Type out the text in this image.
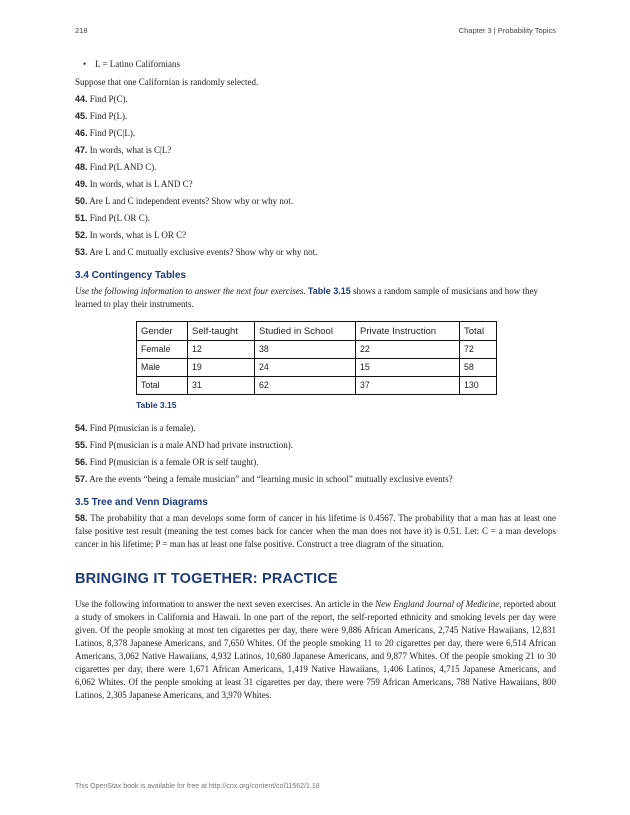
218	Chapter 3 | Probability Topics
• L = Latino Californians

Suppose that one Californian is randomly selected.

44. Find P(C).

45. Find P(L).

46. Find P(C|L).

47. In words, what is C|L?

48. Find P(L AND C).

49. In words, what is L AND C?

50. Are L and C independent events? Show why or why not.

51. Find P(L OR C).

52. In words, what is L OR C?

53. Are L and C mutually exclusive events? Show why or why not.

3.4 Contingency Tables

Use the following information to answer the next four exercises. Table 3.15 shows a random sample of musicians and how they learned to play their instruments.

Gender	Self-taught	Studied in School	Private Instruction	Total
Female	12	38	22	72
Male	19	24	15	58
Total	31	62	37	130
Table 3.15

54. Find P(musician is a female).

55. Find P(musician is a male AND had private instruction).

56. Find P(musician is a female OR is self taught).

57. Are the events “being a female musician” and “learning music in school” mutually exclusive events?

3.5 Tree and Venn Diagrams

58. The probability that a man develops some form of cancer in his lifetime is 0.4567. The probability that a man has at least one false positive test result (meaning the test comes back for cancer when the man does not have it) is 0.51. Let: C = a man develops cancer in his lifetime; P = man has at least one false positive. Construct a tree diagram of the situation.

BRINGING IT TOGETHER: PRACTICE

Use the following information to answer the next seven exercises. An article in the New England Journal of Medicine, reported about a study of smokers in California and Hawaii. In one part of the report, the self-reported ethnicity and smoking levels per day were given. Of the people smoking at most ten cigarettes per day, there were 9,886 African Americans, 2,745 Native Hawaiians, 12,831 Latinos, 8,378 Japanese Americans, and 7,650 Whites. Of the people smoking 11 to 20 cigarettes per day, there were 6,514 African Americans, 3,062 Native Hawaiians, 4,932 Latinos, 10,680 Japanese Americans, and 9,877 Whites. Of the people smoking 21 to 30 cigarettes per day, there were 1,671 African Americans, 1,419 Native Hawaiians, 1,406 Latinos, 4,715 Japanese Americans, and 6,062 Whites. Of the people smoking at least 31 cigarettes per day, there were 759 African Americans, 788 Native Hawaiians, 800 Latinos, 2,305 Japanese Americans, and 3,970 Whites.

This OpenStax book is available for free at http://cnx.org/content/col11562/1.18
